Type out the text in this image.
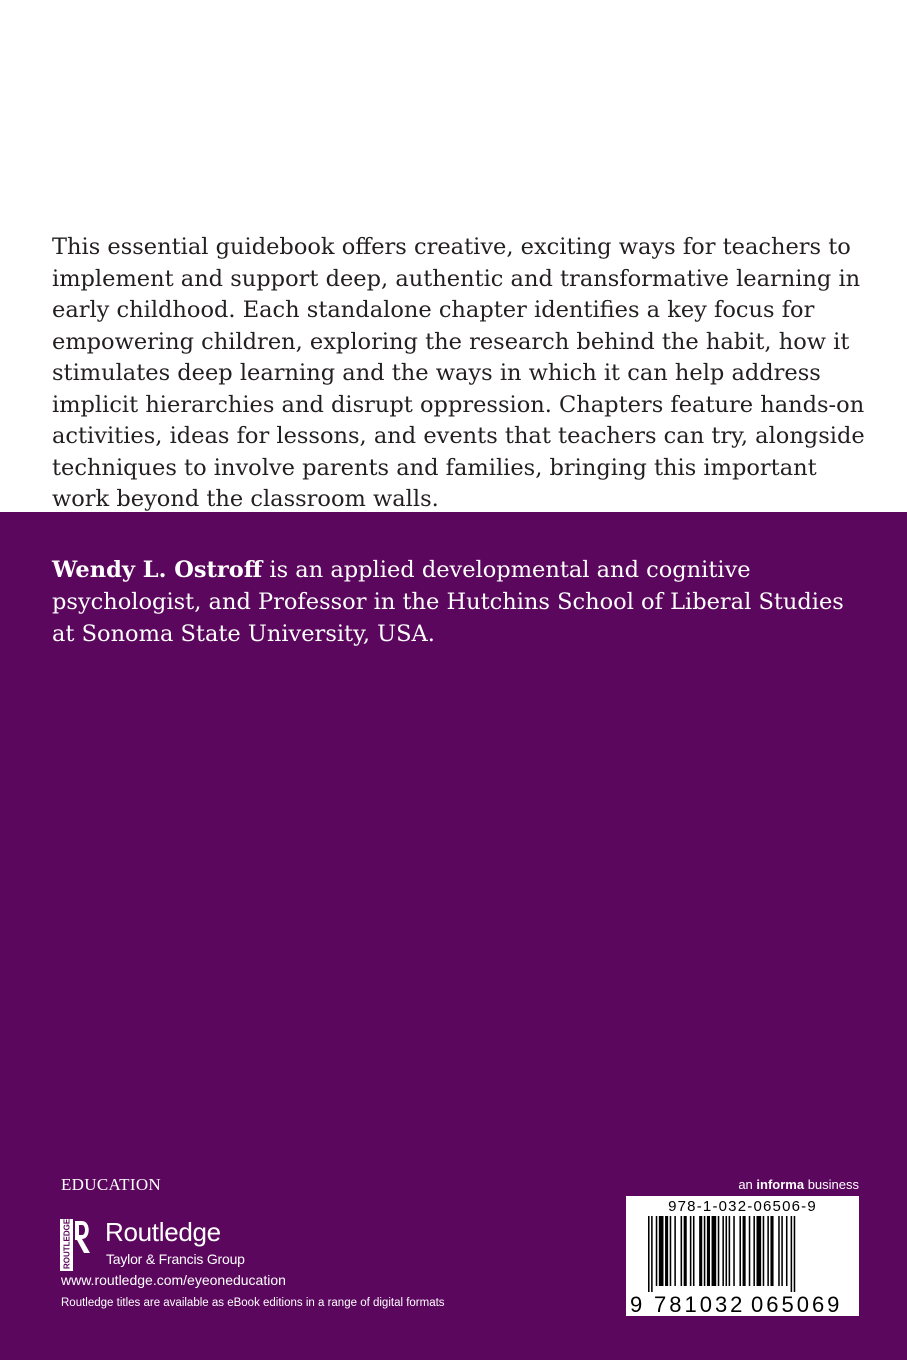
This essential guidebook offers creative, exciting ways for teachers to implement and support deep, authentic and transformative learning in early childhood. Each standalone chapter identifies a key focus for empowering children, exploring the research behind the habit, how it stimulates deep learning and the ways in which it can help address implicit hierarchies and disrupt oppression. Chapters feature hands-on activities, ideas for lessons, and events that teachers can try, alongside techniques to involve parents and families, bringing this important work beyond the classroom walls.

Wendy L. Ostroff is an applied developmental and cognitive psychologist, and Professor in the Hutchins School of Liberal Studies at Sonoma State University, USA.

EDUCATION
ROUTLEDGE Routledge
Taylor & Francis Group
www.routledge.com/eyeoneducation
Routledge titles are available as eBook editions in a range of digital formats
an informa business
978-1-032-06506-9
9 781032 065069
